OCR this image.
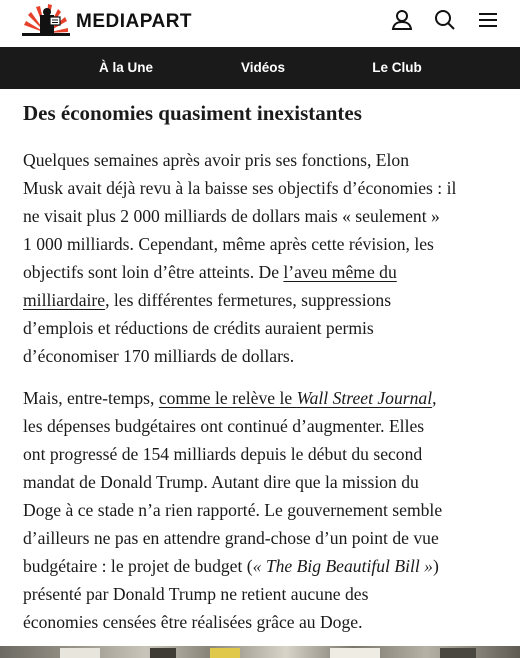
MEDIAPART
À la Une	Vidéos	Le Club
Des économies quasiment inexistantes

Quelques semaines après avoir pris ses fonctions, Elon
Musk avait déjà revu à la baisse ses objectifs d’économies : il
ne visait plus 2 000 milliards de dollars mais « seulement »
1 000 milliards. Cependant, même après cette révision, les
objectifs sont loin d’être atteints. De l’aveu même du
milliardaire, les différentes fermetures, suppressions
d’emplois et réductions de crédits auraient permis
d’économiser 170 milliards de dollars.

Mais, entre-temps, comme le relève le Wall Street Journal,
les dépenses budgétaires ont continué d’augmenter. Elles
ont progressé de 154 milliards depuis le début du second
mandat de Donald Trump. Autant dire que la mission du
Doge à ce stade n’a rien rapporté. Le gouvernement semble
d’ailleurs ne pas en attendre grand-chose d’un point de vue
budgétaire : le projet de budget (« The Big Beautiful Bill »)
présenté par Donald Trump ne retient aucune des
économies censées être réalisées grâce au Doge.
